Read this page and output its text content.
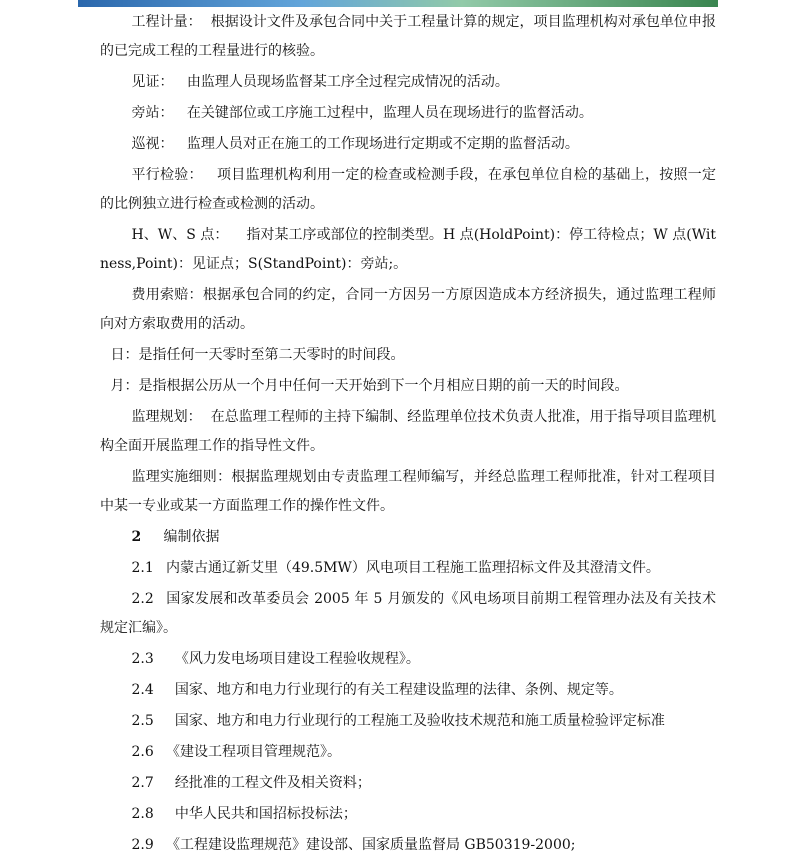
工程计量： 根据设计文件及承包合同中关于工程量计算的规定，项目监理机构对承包单位申报的已完成工程的工程量进行的核验。

见证： 由监理人员现场监督某工序全过程完成情况的活动。

旁站： 在关键部位或工序施工过程中，监理人员在现场进行的监督活动。

巡视： 监理人员对正在施工的工作现场进行定期或不定期的监督活动。

平行检验： 项目监理机构利用一定的检查或检测手段，在承包单位自检的基础上，按照一定的比例独立进行检查或检测的活动。

H、W、S 点： 指对某工序或部位的控制类型。H 点(HoldPoint)：停工待检点；W 点(Witness,Point)：见证点；S(StandPoint)：旁站;。

费用索赔：根据承包合同的约定，合同一方因另一方原因造成本方经济损失，通过监理工程师向对方索取费用的活动。

日：是指任何一天零时至第二天零时的时间段。

月：是指根据公历从一个月中任何一天开始到下一个月相应日期的前一天的时间段。

监理规划： 在总监理工程师的主持下编制、经监理单位技术负责人批准，用于指导项目监理机构全面开展监理工作的指导性文件。

监理实施细则：根据监理规划由专责监理工程师编写，并经总监理工程师批准，针对工程项目中某一专业或某一方面监理工作的操作性文件。

2 编制依据

2.1 内蒙古通辽新艾里（49.5MW）风电项目工程施工监理招标文件及其澄清文件。

2.2 国家发展和改革委员会 2005 年 5 月颁发的《风电场项目前期工程管理办法及有关技术规定汇编》。

2.3 《风力发电场项目建设工程验收规程》。

2.4 国家、地方和电力行业现行的有关工程建设监理的法律、条例、规定等。

2.5 国家、地方和电力行业现行的工程施工及验收技术规范和施工质量检验评定标准

2.6 《建设工程项目管理规范》。

2.7 经批准的工程文件及相关资料；

2.8 中华人民共和国招标投标法；

2.9 《工程建设监理规范》建设部、国家质量监督局 GB50319-2000;
